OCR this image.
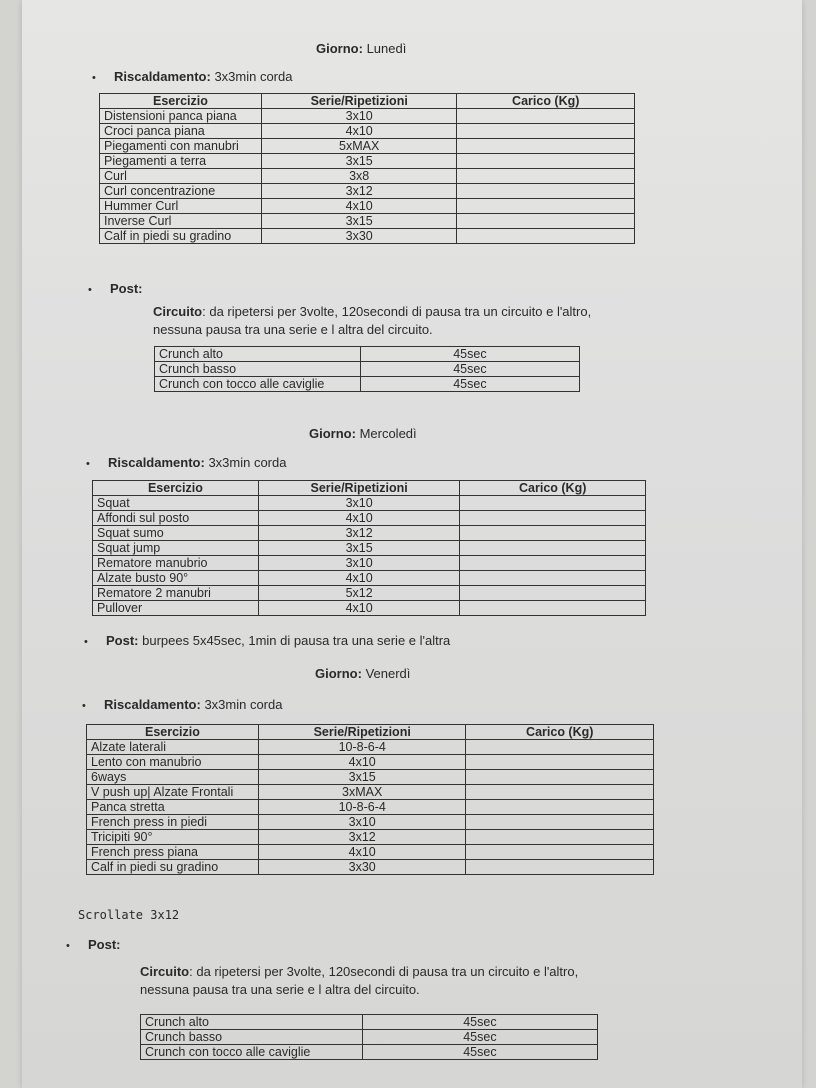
Giorno: Lunedì
• Riscaldamento: 3x3min corda
Esercizio	Serie/Ripetizioni	Carico (Kg)
Distensioni panca piana	3x10	
Croci panca piana	4x10	
Piegamenti con manubri	5xMAX	
Piegamenti a terra	3x15	
Curl	3x8	
Curl concentrazione	3x12	
Hummer Curl	4x10	
Inverse Curl	3x15	
Calf in piedi su gradino	3x30	
• Post:
Circuito: da ripetersi per 3volte, 120secondi di pausa tra un circuito e l'altro,
nessuna pausa tra una serie e l altra del circuito.
Crunch alto	45sec
Crunch basso	45sec
Crunch con tocco alle caviglie	45sec
Giorno: Mercoledì
• Riscaldamento: 3x3min corda
Esercizio	Serie/Ripetizioni	Carico (Kg)
Squat	3x10	
Affondi sul posto	4x10	
Squat sumo	3x12	
Squat jump	3x15	
Rematore manubrio	3x10	
Alzate busto 90°	4x10	
Rematore 2 manubri	5x12	
Pullover	4x10	
• Post: burpees 5x45sec, 1min di pausa tra una serie e l'altra
Giorno: Venerdì
• Riscaldamento: 3x3min corda
Esercizio	Serie/Ripetizioni	Carico (Kg)
Alzate laterali	10-8-6-4	
Lento con manubrio	4x10	
6ways	3x15	
V push up| Alzate Frontali	3xMAX	
Panca stretta	10-8-6-4	
French press in piedi	3x10	
Tricipiti 90°	3x12	
French press piana	4x10	
Calf in piedi su gradino	3x30	
Scrollate 3x12
• Post:
Circuito: da ripetersi per 3volte, 120secondi di pausa tra un circuito e l'altro,
nessuna pausa tra una serie e l altra del circuito.
Crunch alto	45sec
Crunch basso	45sec
Crunch con tocco alle caviglie	45sec
